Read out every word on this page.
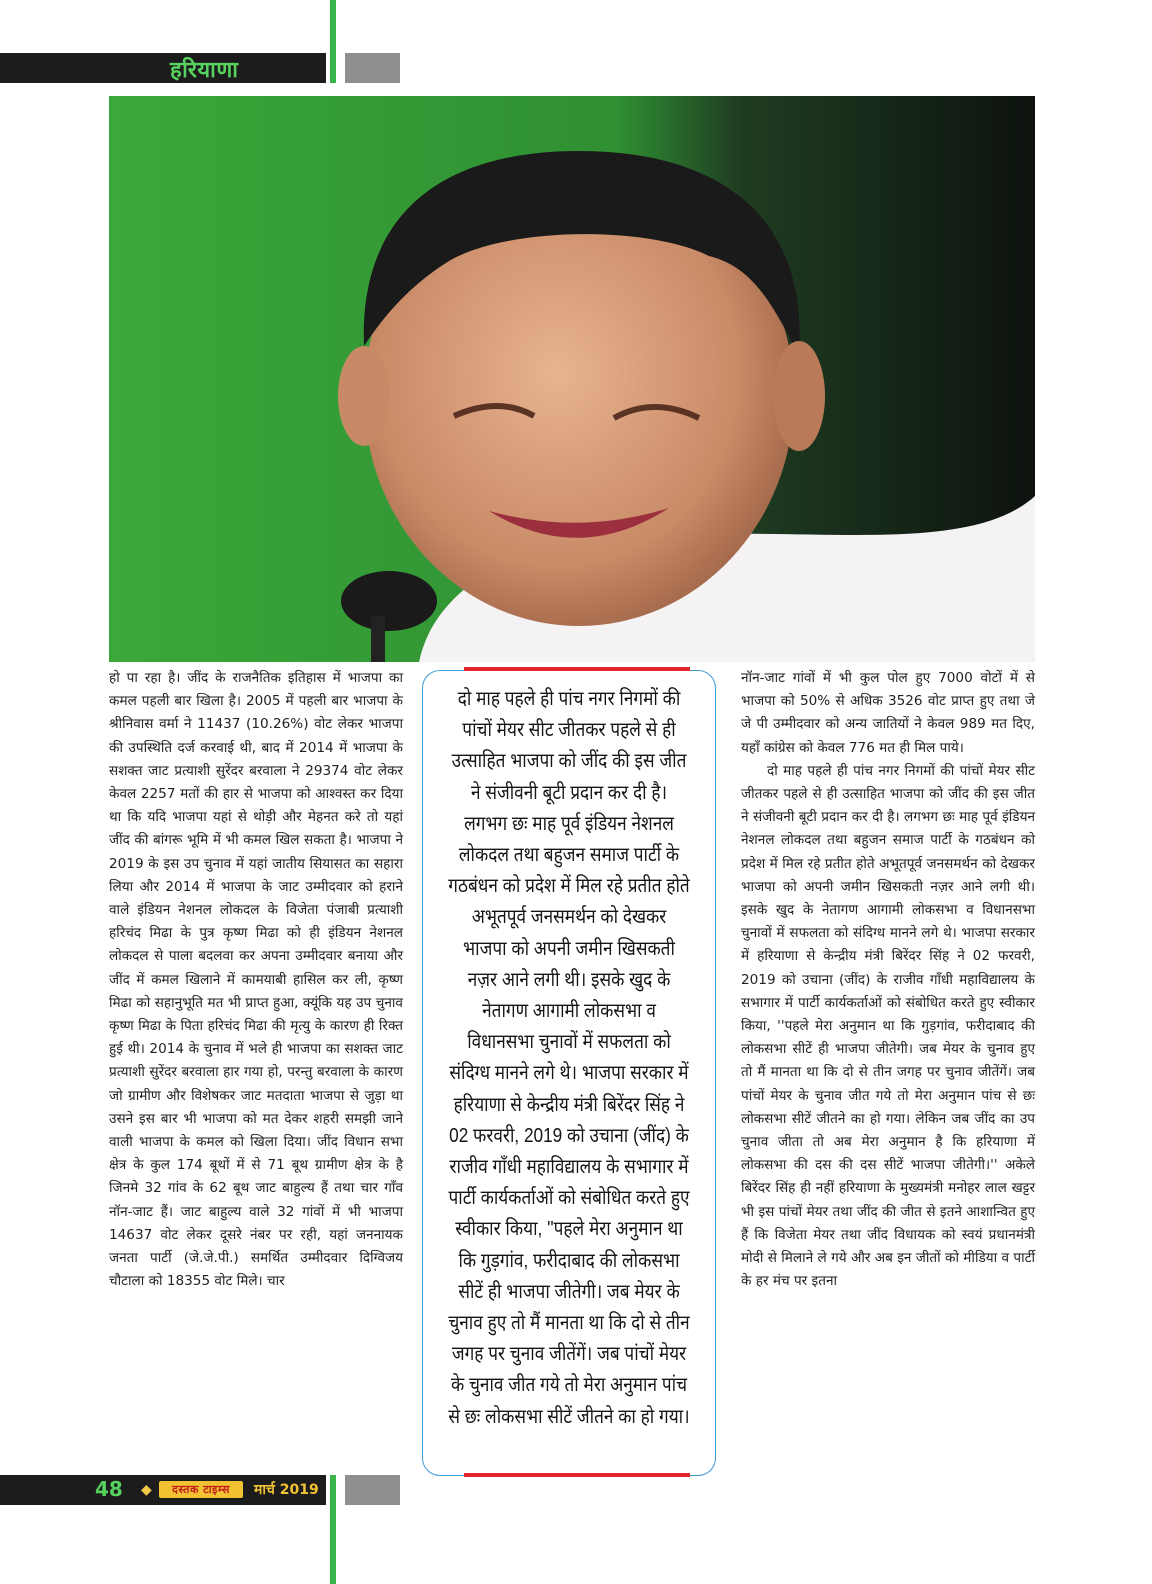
हरियाणा

हो पा रहा है। जींद के राजनैतिक इतिहास में भाजपा का कमल पहली बार खिला है। 2005 में पहली बार भाजपा के श्रीनिवास वर्मा ने 11437 (10.26%) वोट लेकर भाजपा की उपस्थिति दर्ज करवाई थी, बाद में 2014 में भाजपा के सशक्त जाट प्रत्याशी सुरेंदर बरवाला ने 29374 वोट लेकर केवल 2257 मतों की हार से भाजपा को आश्वस्त कर दिया था कि यदि भाजपा यहां से थोड़ी और मेहनत करे तो यहां जींद की बांगरू भूमि में भी कमल खिल सकता है। भाजपा ने 2019 के इस उप चुनाव में यहां जातीय सियासत का सहारा लिया और 2014 में भाजपा के जाट उम्मीदवार को हराने वाले इंडियन नेशनल लोकदल के विजेता पंजाबी प्रत्याशी हरिचंद मिढा के पुत्र कृष्ण मिढा को ही इंडियन नेशनल लोकदल से पाला बदलवा कर अपना उम्मीदवार बनाया और जींद में कमल खिलाने में कामयाबी हासिल कर ली, कृष्ण मिढा को सहानुभूति मत भी प्राप्त हुआ, क्यूंकि यह उप चुनाव कृष्ण मिढा के पिता हरिचंद मिढा की मृत्यु के कारण ही रिक्त हुई थी। 2014 के चुनाव में भले ही भाजपा का सशक्त जाट प्रत्याशी सुरेंदर बरवाला हार गया हो, परन्तु बरवाला के कारण जो ग्रामीण और विशेषकर जाट मतदाता भाजपा से जुड़ा था उसने इस बार भी भाजपा को मत देकर शहरी समझी जाने वाली भाजपा के कमल को खिला दिया। जींद विधान सभा क्षेत्र के कुल 174 बूथों में से 71 बूथ ग्रामीण क्षेत्र के है जिनमे 32 गांव के 62 बूथ जाट बाहुल्य हैं तथा चार गाँव नॉन-जाट हैं। जाट बाहुल्य वाले 32 गांवों में भी भाजपा 14637 वोट लेकर दूसरे नंबर पर रही, यहां जननायक जनता पार्टी (जे.जे.पी.) समर्थित उम्मीदवार दिग्विजय चौटाला को 18355 वोट मिले। चार

दो माह पहले ही पांच नगर निगमों की पांचों मेयर सीट जीतकर पहले से ही उत्साहित भाजपा को जींद की इस जीत ने संजीवनी बूटी प्रदान कर दी है। लगभग छः माह पूर्व इंडियन नेशनल लोकदल तथा बहुजन समाज पार्टी के गठबंधन को प्रदेश में मिल रहे प्रतीत होते अभूतपूर्व जनसमर्थन को देखकर भाजपा को अपनी जमीन खिसकती नज़र आने लगी थी। इसके खुद के नेतागण आगामी लोकसभा व विधानसभा चुनावों में सफलता को संदिग्ध मानने लगे थे। भाजपा सरकार में हरियाणा से केन्द्रीय मंत्री बिरेंदर सिंह ने 02 फरवरी, 2019 को उचाना (जींद) के राजीव गाँधी महाविद्यालय के सभागार में पार्टी कार्यकर्ताओं को संबोधित करते हुए स्वीकार किया, ''पहले मेरा अनुमान था कि गुड़गांव, फरीदाबाद की लोकसभा सीटें ही भाजपा जीतेगी। जब मेयर के चुनाव हुए तो मैं मानता था कि दो से तीन जगह पर चुनाव जीतेंगें। जब पांचों मेयर के चुनाव जीत गये तो मेरा अनुमान पांच से छः लोकसभा सीटें जीतने का हो गया।

नॉन-जाट गांवों में भी कुल पोल हुए 7000 वोटों में से भाजपा को 50% से अधिक 3526 वोट प्राप्त हुए तथा जे जे पी उम्मीदवार को अन्य जातियों ने केवल 989 मत दिए, यहाँ कांग्रेस को केवल 776 मत ही मिल पाये।

दो माह पहले ही पांच नगर निगमों की पांचों मेयर सीट जीतकर पहले से ही उत्साहित भाजपा को जींद की इस जीत ने संजीवनी बूटी प्रदान कर दी है। लगभग छः माह पूर्व इंडियन नेशनल लोकदल तथा बहुजन समाज पार्टी के गठबंधन को प्रदेश में मिल रहे प्रतीत होते अभूतपूर्व जनसमर्थन को देखकर भाजपा को अपनी जमीन खिसकती नज़र आने लगी थी। इसके खुद के नेतागण आगामी लोकसभा व विधानसभा चुनावों में सफलता को संदिग्ध मानने लगे थे। भाजपा सरकार में हरियाणा से केन्द्रीय मंत्री बिरेंदर सिंह ने 02 फरवरी, 2019 को उचाना (जींद) के राजीव गाँधी महाविद्यालय के सभागार में पार्टी कार्यकर्ताओं को संबोधित करते हुए स्वीकार किया, ''पहले मेरा अनुमान था कि गुड़गांव, फरीदाबाद की लोकसभा सीटें ही भाजपा जीतेगी। जब मेयर के चुनाव हुए तो मैं मानता था कि दो से तीन जगह पर चुनाव जीतेंगें। जब पांचों मेयर के चुनाव जीत गये तो मेरा अनुमान पांच से छः लोकसभा सीटें जीतने का हो गया। लेकिन जब जींद का उप चुनाव जीता तो अब मेरा अनुमान है कि हरियाणा में लोकसभा की दस की दस सीटें भाजपा जीतेगी।'' अकेले बिरेंदर सिंह ही नहीं हरियाणा के मुख्यमंत्री मनोहर लाल खट्टर भी इस पांचों मेयर तथा जींद की जीत से इतने आशान्वित हुए हैं कि विजेता मेयर तथा जींद विधायक को स्वयं प्रधानमंत्री मोदी से मिलाने ले गये और अब इन जीतों को मीडिया व पार्टी के हर मंच पर इतना

48 ◆	दस्तक टाइम्स	मार्च 2019
